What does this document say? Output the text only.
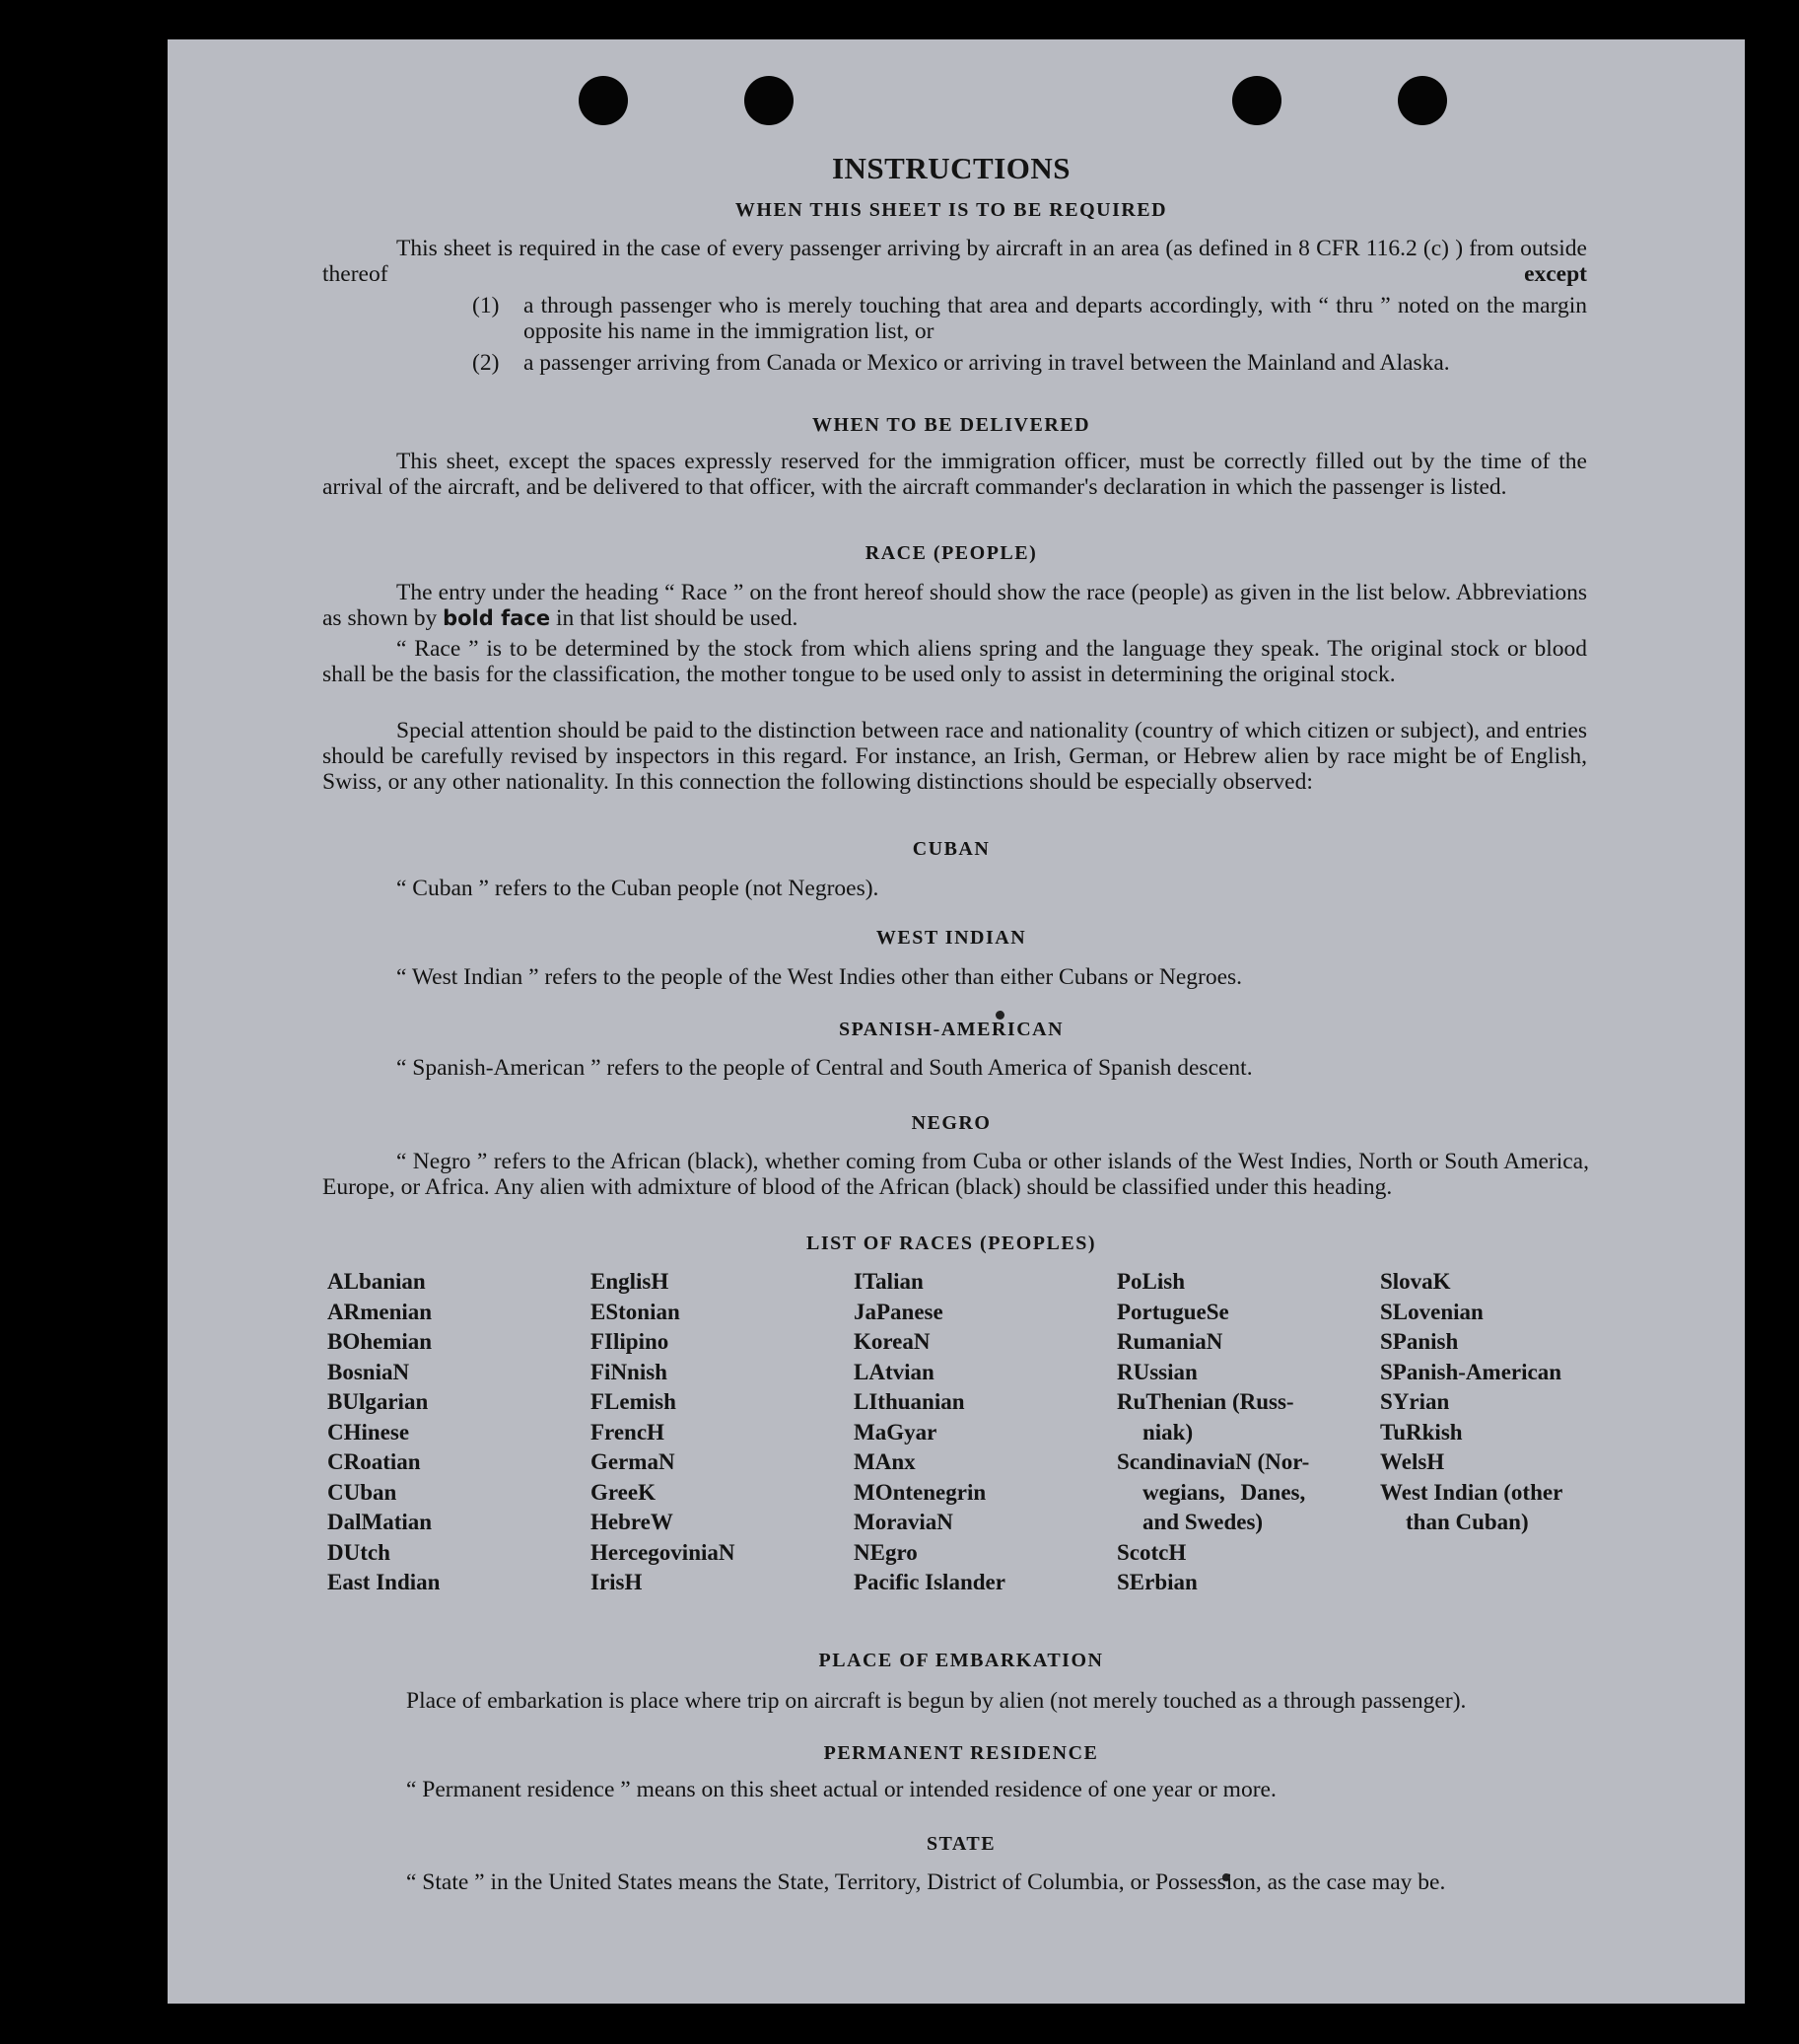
INSTRUCTIONS
WHEN THIS SHEET IS TO BE REQUIRED
This sheet is required in the case of every passenger arriving by aircraft in an area (as defined in 8 CFR 116.2 (c) ) from outside thereof	except
(1) a through passenger who is merely touching that area and departs accordingly, with “ thru ” noted on the margin opposite his name in the immigration list, or
(2) a passenger arriving from Canada or Mexico or arriving in travel between the Mainland and Alaska.
WHEN TO BE DELIVERED
This sheet, except the spaces expressly reserved for the immigration officer, must be correctly filled out by the time of the arrival of the aircraft, and be delivered to that officer, with the aircraft commander's declaration in which the passenger is listed.
RACE (PEOPLE)
The entry under the heading “ Race ” on the front hereof should show the race (people) as given in the list below. Abbreviations as shown by bold face in that list should be used.
“ Race ” is to be determined by the stock from which aliens spring and the language they speak. The original stock or blood shall be the basis for the classification, the mother tongue to be used only to assist in determining the original stock.
Special attention should be paid to the distinction between race and nationality (country of which citizen or subject), and entries should be carefully revised by inspectors in this regard. For instance, an Irish, German, or Hebrew alien by race might be of English, Swiss, or any other nationality. In this connection the following distinctions should be especially observed:
CUBAN
“ Cuban ” refers to the Cuban people (not Negroes).
WEST INDIAN
“ West Indian ” refers to the people of the West Indies other than either Cubans or Negroes.
SPANISH-AMERICAN
“ Spanish-American ” refers to the people of Central and South America of Spanish descent.
NEGRO
“ Negro ” refers to the African (black), whether coming from Cuba or other islands of the West Indies, North or South America, Europe, or Africa. Any alien with admixture of blood of the African (black) should be classified under this heading.
LIST OF RACES (PEOPLES)
ALbanian
ARmenian
BOhemian
BosniaN
BUlgarian
CHinese
CRoatian
CUban
DalMatian
DUtch
East Indian
EnglisH
EStonian
FIlipino
FiNnish
FLemish
FrencH
GermaN
GreeK
HebreW
HercegoviniaN
IrisH
ITalian
JaPanese
KoreaN
LAtvian
LIthuanian
MaGyar
MAnx
MOntenegrin
MoraviaN
NEgro
Pacific Islander
PoLish
PortugueSe
RumaniaN
RUssian
RuThenian (Russ-
niak)
ScandinaviaN (Nor-
wegians, Danes,
and Swedes)
ScotcH
SErbian
SlovaK
SLovenian
SPanish
SPanish-American
SYrian
TuRkish
WelsH
West Indian (other
than Cuban)
PLACE OF EMBARKATION
Place of embarkation is place where trip on aircraft is begun by alien (not merely touched as a through passenger).
PERMANENT RESIDENCE
“ Permanent residence ” means on this sheet actual or intended residence of one year or more.
STATE
“ State ” in the United States means the State, Territory, District of Columbia, or Possession, as the case may be.
